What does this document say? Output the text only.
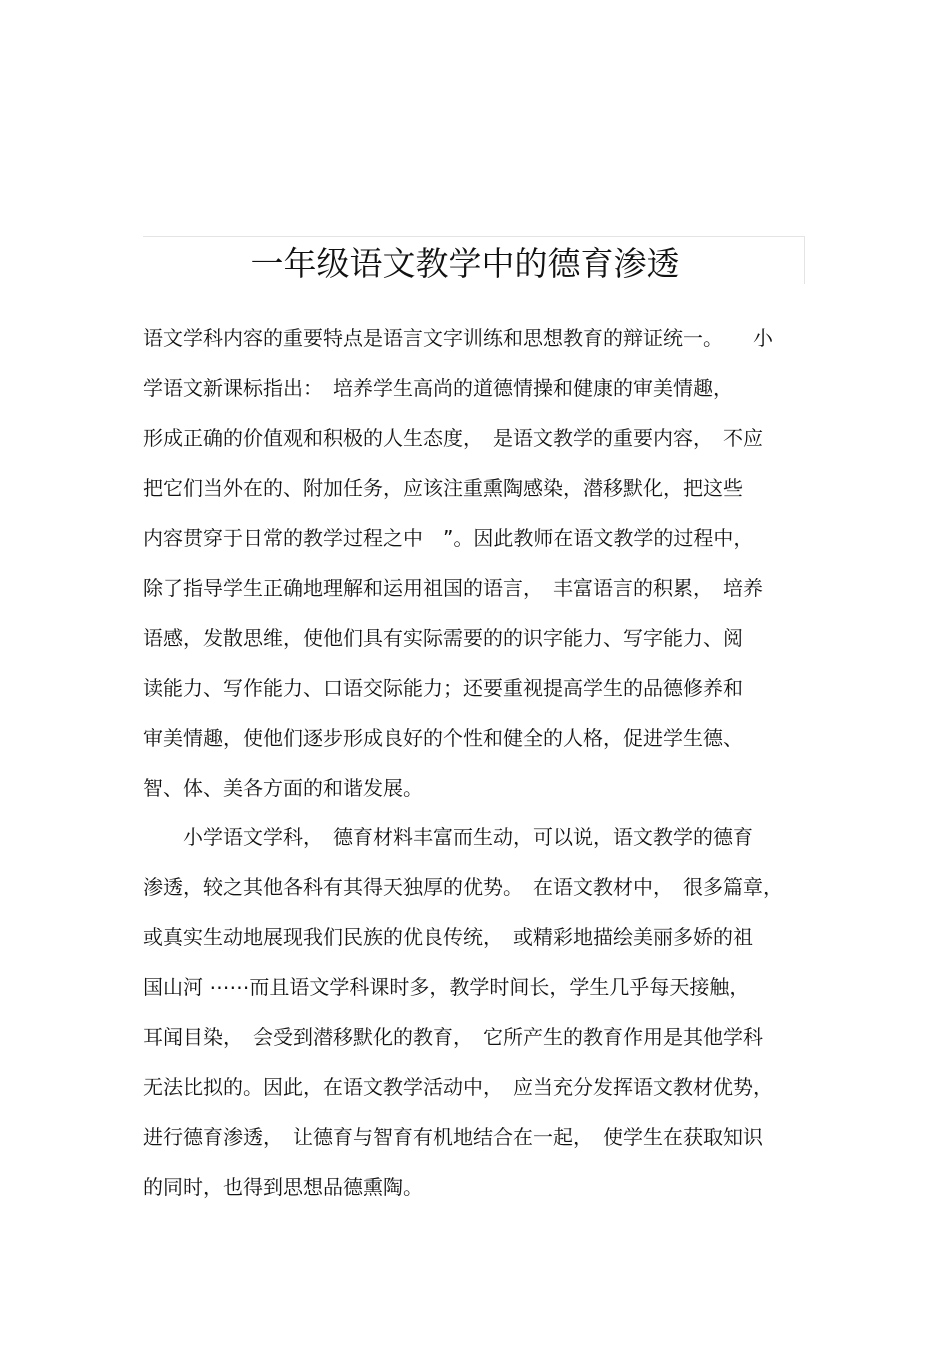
一年级语文教学中的德育渗透
语文学科内容的重要特点是语言文字训练和思想教育的辩证统一。　　小
学语文新课标指出：　培养学生高尚的道德情操和健康的审美情趣，
形成正确的价值观和积极的人生态度，　是语文教学的重要内容，　不应
把它们当外在的、附加任务，应该注重熏陶感染，潜移默化，把这些
内容贯穿于日常的教学过程之中　”。因此教师在语文教学的过程中，
除了指导学生正确地理解和运用祖国的语言，　丰富语言的积累，　培养
语感，发散思维，使他们具有实际需要的的识字能力、写字能力、阅
读能力、写作能力、口语交际能力；还要重视提高学生的品德修养和
审美情趣，使他们逐步形成良好的个性和健全的人格，促进学生德、
智、体、美各方面的和谐发展。
　　小学语文学科，　德育材料丰富而生动，可以说，语文教学的德育
渗透，较之其他各科有其得天独厚的优势。　在语文教材中，　很多篇章，
或真实生动地展现我们民族的优良传统，　或精彩地描绘美丽多娇的祖
国山河 ⋯⋯而且语文学科课时多，教学时间长，学生几乎每天接触，
耳闻目染，　会受到潜移默化的教育，　它所产生的教育作用是其他学科
无法比拟的。因此，在语文教学活动中，　应当充分发挥语文教材优势，
进行德育渗透，　让德育与智育有机地结合在一起，　使学生在获取知识
的同时，也得到思想品德熏陶。
